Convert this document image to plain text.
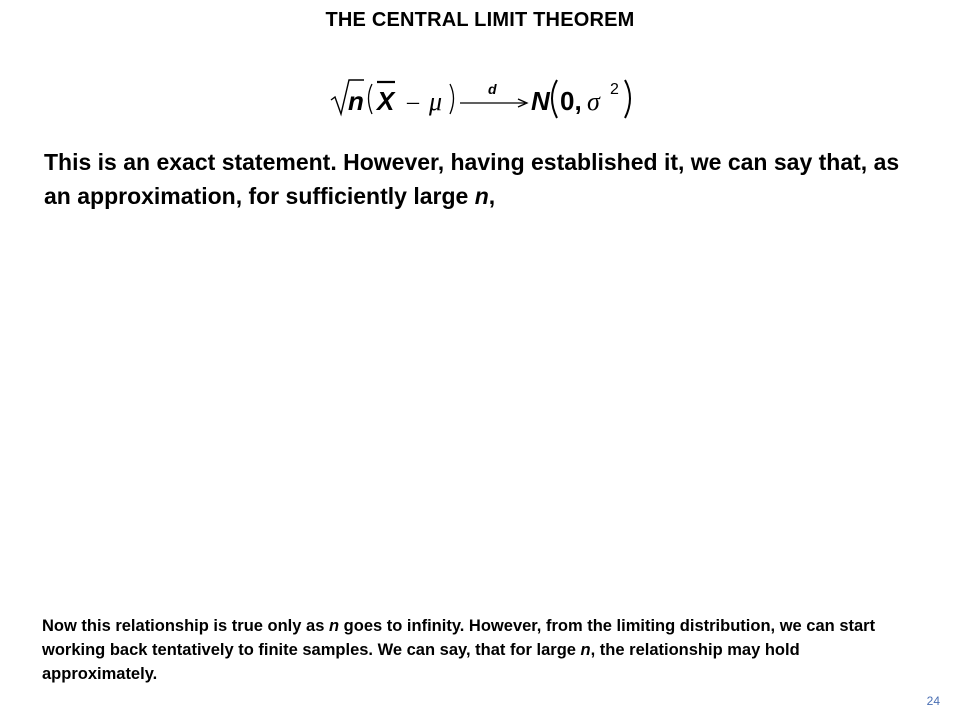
THE CENTRAL LIMIT THEOREM
n X – μ	d N 0, σ 2
This is an exact statement. However, having established it, we can say that, as an approximation, for sufficiently large n,
Now this relationship is true only as n goes to infinity. However, from the limiting distribution, we can start working back tentatively to finite samples. We can say, that for large n, the relationship may hold approximately.
24
